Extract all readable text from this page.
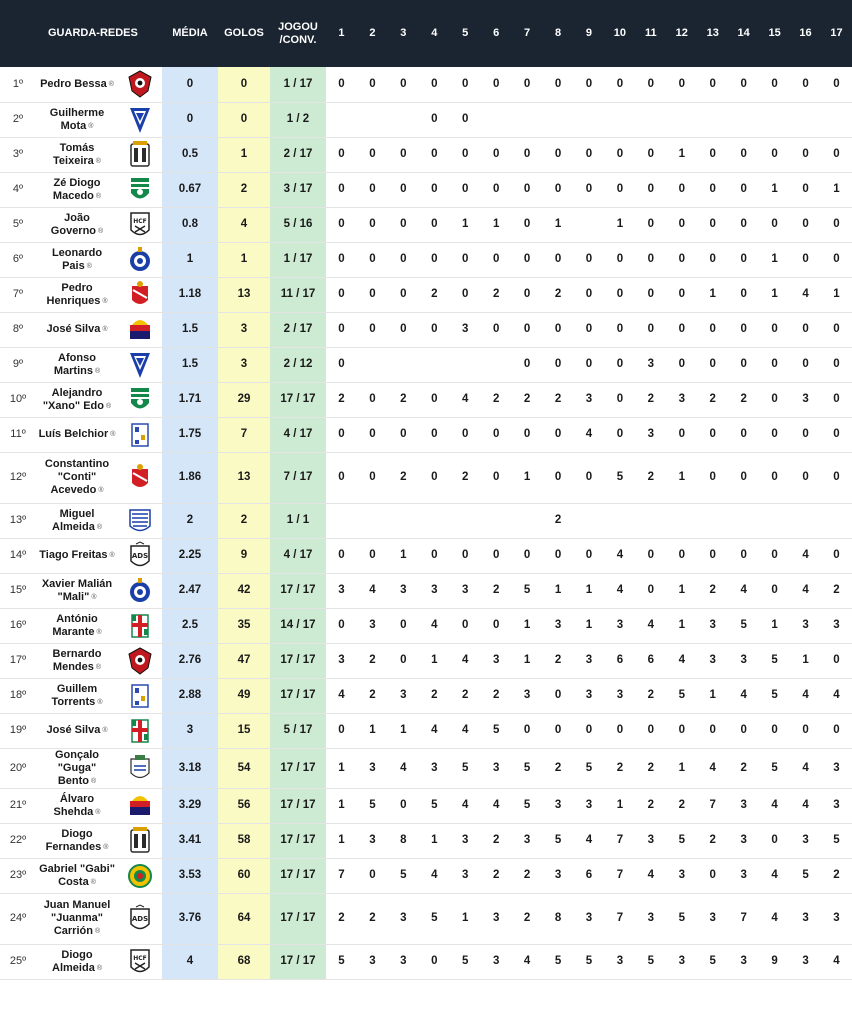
GUARDA-REDES			MÉDIA	GOLOS	JOGOU
/CONV.	1	2	3	4	5	6	7	8	9	10	11	12	13	14	15	16	17
1º	Pedro Bessa ®		0	0	1 / 17	0	0	0	0	0	0	0	0	0	0	0	0	0	0	0	0	0
2º	Guilherme Mota ®		0	0	1 / 2				0	0												
3º	Tomás Teixeira ®		0.5	1	2 / 17	0	0	0	0	0	0	0	0	0	0	0	1	0	0	0	0	0
4º	Zé Diogo Macedo ®		0.67	2	3 / 17	0	0	0	0	0	0	0	0	0	0	0	0	0	0	1	0	1
5º	João Governo ®	HCF	0.8	4	5 / 16	0	0	0	0	1	1	0	1		1	0	0	0	0	0	0	0
6º	Leonardo Pais ®		1	1	1 / 17	0	0	0	0	0	0	0	0	0	0	0	0	0	0	1	0	0
7º	Pedro Henriques ®		1.18	13	11 / 17	0	0	0	2	0	2	0	2	0	0	0	0	1	0	1	4	1
8º	José Silva ®		1.5	3	2 / 17	0	0	0	0	3	0	0	0	0	0	0	0	0	0	0	0	0
9º	Afonso Martins ®		1.5	3	2 / 12	0						0	0	0	0	3	0	0	0	0	0	0
10º	Alejandro "Xano" Edo ®		1.71	29	17 / 17	2	0	2	0	4	2	2	2	3	0	2	3	2	2	0	3	0
11º	Luís Belchior ®		1.75	7	4 / 17	0	0	0	0	0	0	0	0	4	0	3	0	0	0	0	0	0
12º	Constantino "Conti" Acevedo ®		1.86	13	7 / 17	0	0	2	0	2	0	1	0	0	5	2	1	0	0	0	0	0
13º	Miguel Almeida ®		2	2	1 / 1								2									
14º	Tiago Freitas ®	ADS	2.25	9	4 / 17	0	0	1	0	0	0	0	0	0	4	0	0	0	0	0	4	0
15º	Xavier Malián "Mali" ®		2.47	42	17 / 17	3	4	3	3	3	2	5	1	1	4	0	1	2	4	0	4	2
16º	António Marante ®		2.5	35	14 / 17	0	3	0	4	0	0	1	3	1	3	4	1	3	5	1	3	3
17º	Bernardo Mendes ®		2.76	47	17 / 17	3	2	0	1	4	3	1	2	3	6	6	4	3	3	5	1	0
18º	Guillem Torrents ®		2.88	49	17 / 17	4	2	3	2	2	2	3	0	3	3	2	5	1	4	5	4	4
19º	José Silva ®		3	15	5 / 17	0	1	1	4	4	5	0	0	0	0	0	0	0	0	0	0	0
20º	Gonçalo "Guga" Bento ®		3.18	54	17 / 17	1	3	4	3	5	3	5	2	5	2	2	1	4	2	5	4	3
21º	Álvaro Shehda ®		3.29	56	17 / 17	1	5	0	5	4	4	5	3	3	1	2	2	7	3	4	4	3
22º	Diogo Fernandes ®		3.41	58	17 / 17	1	3	8	1	3	2	3	5	4	7	3	5	2	3	0	3	5
23º	Gabriel "Gabi" Costa ®		3.53	60	17 / 17	7	0	5	4	3	2	2	3	6	7	4	3	0	3	4	5	2
24º	Juan Manuel "Juanma" Carrión ®	ADS	3.76	64	17 / 17	2	2	3	5	1	3	2	8	3	7	3	5	3	7	4	3	3
25º	Diogo Almeida ®	HCF	4	68	17 / 17	5	3	3	0	5	3	4	5	5	3	5	3	5	3	9	3	4
